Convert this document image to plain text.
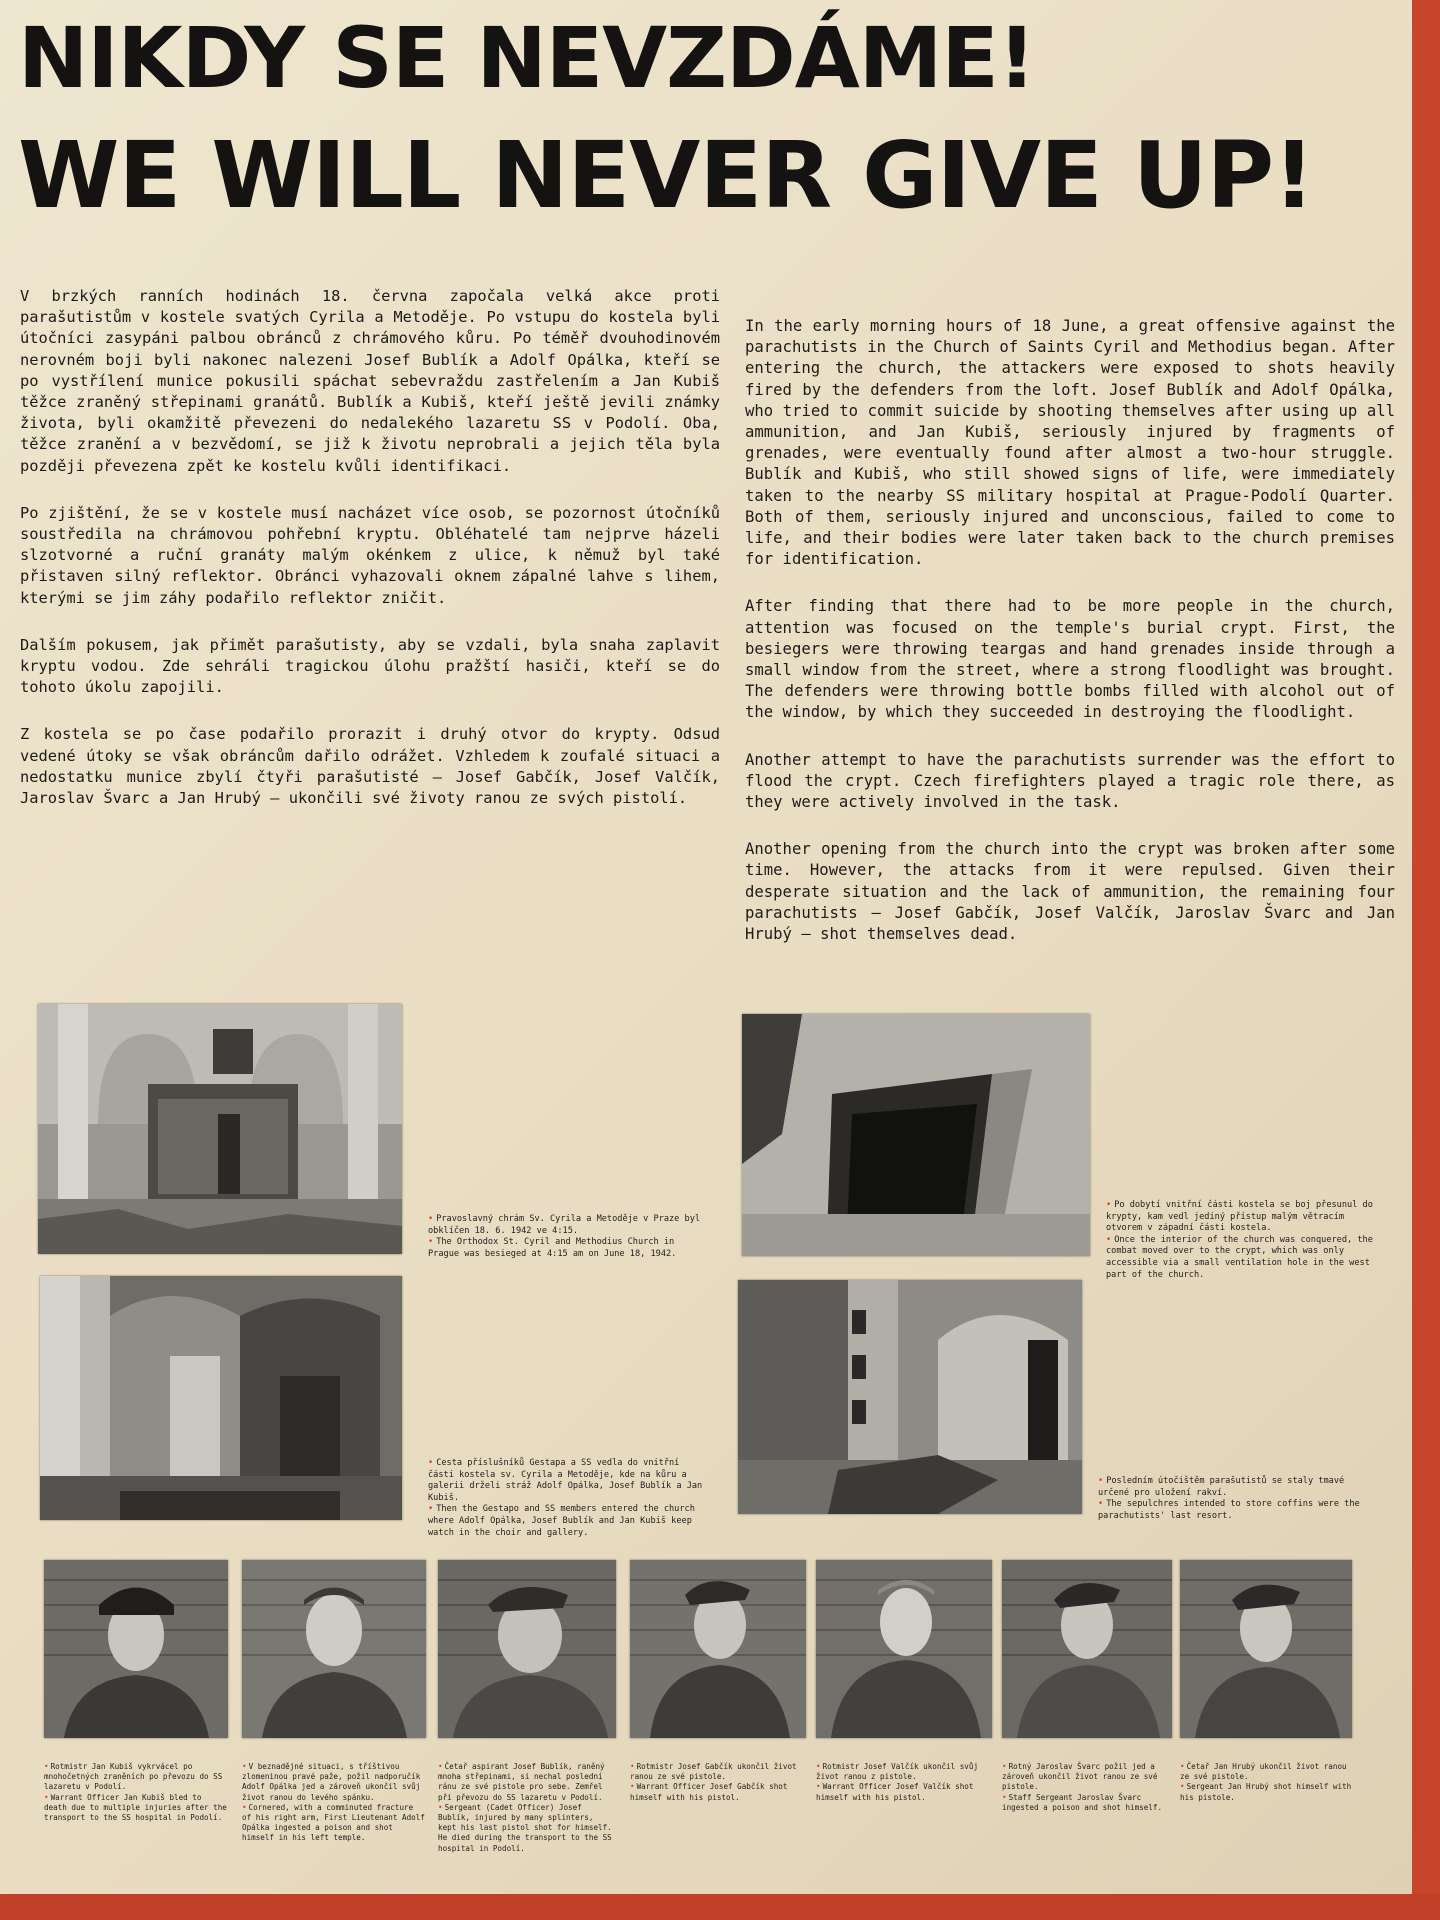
NIKDY SE NEVZDÁME!
WE WILL NEVER GIVE UP!

V brzkých ranních hodinách 18. června započala velká akce proti parašutistům v kostele svatých Cyrila a Metoděje. Po vstupu do kostela byli útočníci zasypáni palbou obránců z chrámového kůru. Po téměř dvouhodinovém nerovném boji byli nakonec nalezeni Josef Bublík a Adolf Opálka, kteří se po vystřílení munice pokusili spáchat sebevraždu zastřelením a Jan Kubiš těžce zraněný střepinami granátů. Bublík a Kubiš, kteří ještě jevili známky života, byli okamžitě převezeni do nedalekého lazaretu SS v Podolí. Oba, těžce zranění a v bezvědomí, se již k životu neprobrali a jejich těla byla později převezena zpět ke kostelu kvůli identifikaci.

Po zjištění, že se v kostele musí nacházet více osob, se pozornost útočníků soustředila na chrámovou pohřební kryptu. Obléhatelé tam nejprve házeli slzotvorné a ruční granáty malým okénkem z ulice, k němuž byl také přistaven silný reflektor. Obránci vyhazovali oknem zápalné lahve s lihem, kterými se jim záhy podařilo reflektor zničit.

Dalším pokusem, jak přimět parašutisty, aby se vzdali, byla snaha zaplavit kryptu vodou. Zde sehráli tragickou úlohu pražští hasiči, kteří se do tohoto úkolu zapojili.

Z kostela se po čase podařilo prorazit i druhý otvor do krypty. Odsud vedené útoky se však obráncům dařilo odrážet. Vzhledem k zoufalé situaci a nedostatku munice zbylí čtyři parašutisté – Josef Gabčík, Josef Valčík, Jaroslav Švarc a Jan Hrubý – ukončili své životy ranou ze svých pistolí.

In the early morning hours of 18 June, a great offensive against the parachutists in the Church of Saints Cyril and Methodius began. After entering the church, the attackers were exposed to shots heavily fired by the defenders from the loft. Josef Bublík and Adolf Opálka, who tried to commit suicide by shooting themselves after using up all ammunition, and Jan Kubiš, seriously injured by fragments of grenades, were eventually found after almost a two-hour struggle. Bublík and Kubiš, who still showed signs of life, were immediately taken to the nearby SS military hospital at Prague-Podolí Quarter. Both of them, seriously injured and unconscious, failed to come to life, and their bodies were later taken back to the church premises for identification.

After finding that there had to be more people in the church, attention was focused on the temple's burial crypt. First, the besiegers were throwing teargas and hand grenades inside through a small window from the street, where a strong floodlight was brought. The defenders were throwing bottle bombs filled with alcohol out of the window, by which they succeeded in destroying the floodlight.

Another attempt to have the parachutists surrender was the effort to flood the crypt. Czech firefighters played a tragic role there, as they were actively involved in the task.

Another opening from the church into the crypt was broken after some time. However, the attacks from it were repulsed. Given their desperate situation and the lack of ammunition, the remaining four parachutists – Josef Gabčík, Josef Valčík, Jaroslav Švarc and Jan Hrubý – shot themselves dead.

• Pravoslavný chrám Sv. Cyrila a Metoděje v Praze byl obklíčen 18. 6. 1942 ve 4:15.

• The Orthodox St. Cyril and Methodius Church in Prague was besieged at 4:15 am on June 18, 1942.

• Po dobytí vnitřní části kostela se boj přesunul do krypty, kam vedl jediný přístup malým větracím otvorem v západní části kostela.

• Once the interior of the church was conquered, the combat moved over to the crypt, which was only accessible via a small ventilation hole in the west part of the church.

• Cesta příslušníků Gestapa a SS vedla do vnitřní části kostela sv. Cyrila a Metoděje, kde na kůru a galerii drželi stráž Adolf Opálka, Josef Bublík a Jan Kubiš.

• Then the Gestapo and SS members entered the church where Adolf Opálka, Josef Bublík and Jan Kubiš keep watch in the choir and gallery.

• Posledním útočištěm parašutistů se staly tmavé určené pro uložení rakví.

• The sepulchres intended to store coffins were the parachutists' last resort.

• Rotmistr Jan Kubiš vykrvácel po mnohočetných zraněních po převozu do SS lazaretu v Podolí.

• Warrant Officer Jan Kubiš bled to death due to multiple injuries after the transport to the SS hospital in Podolí.

• V beznadějné situaci, s tříštivou zlomeninou pravé paže, požil nadporučík Adolf Opálka jed a zároveň ukončil svůj život ranou do levého spánku.

• Cornered, with a comminuted fracture of his right arm, First Lieutenant Adolf Opálka ingested a poison and shot himself in his left temple.

• Četař aspirant Josef Bublík, raněný mnoha střepinami, si nechal poslední ránu ze své pistole pro sebe. Zemřel při převozu do SS lazaretu v Podolí.

• Sergeant (Cadet Officer) Josef Bublík, injured by many splinters, kept his last pistol shot for himself. He died during the transport to the SS hospital in Podolí.

• Rotmistr Josef Gabčík ukončil život ranou ze své pistole.

• Warrant Officer Josef Gabčík shot himself with his pistol.

• Rotmistr Josef Valčík ukončil svůj život ranou z pistole.

• Warrant Officer Josef Valčík shot himself with his pistol.

• Rotný Jaroslav Švarc požil jed a zároveň ukončil život ranou ze své pistole.

• Staff Sergeant Jaroslav Švarc ingested a poison and shot himself.

• Četař Jan Hrubý ukončil život ranou ze své pistole.

• Sergeant Jan Hrubý shot himself with his pistole.
